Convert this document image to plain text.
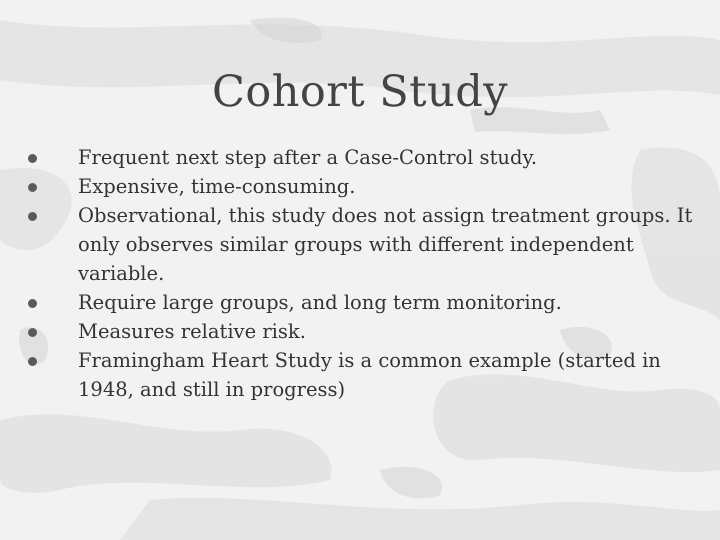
Cohort Study
Frequent next step after a Case-Control study.
Expensive, time-consuming.
Observational, this study does not assign treatment groups. It only observes similar groups with different independent variable.
Require large groups, and long term monitoring.
Measures relative risk.
Framingham Heart Study is a common example (started in 1948, and still in progress)
